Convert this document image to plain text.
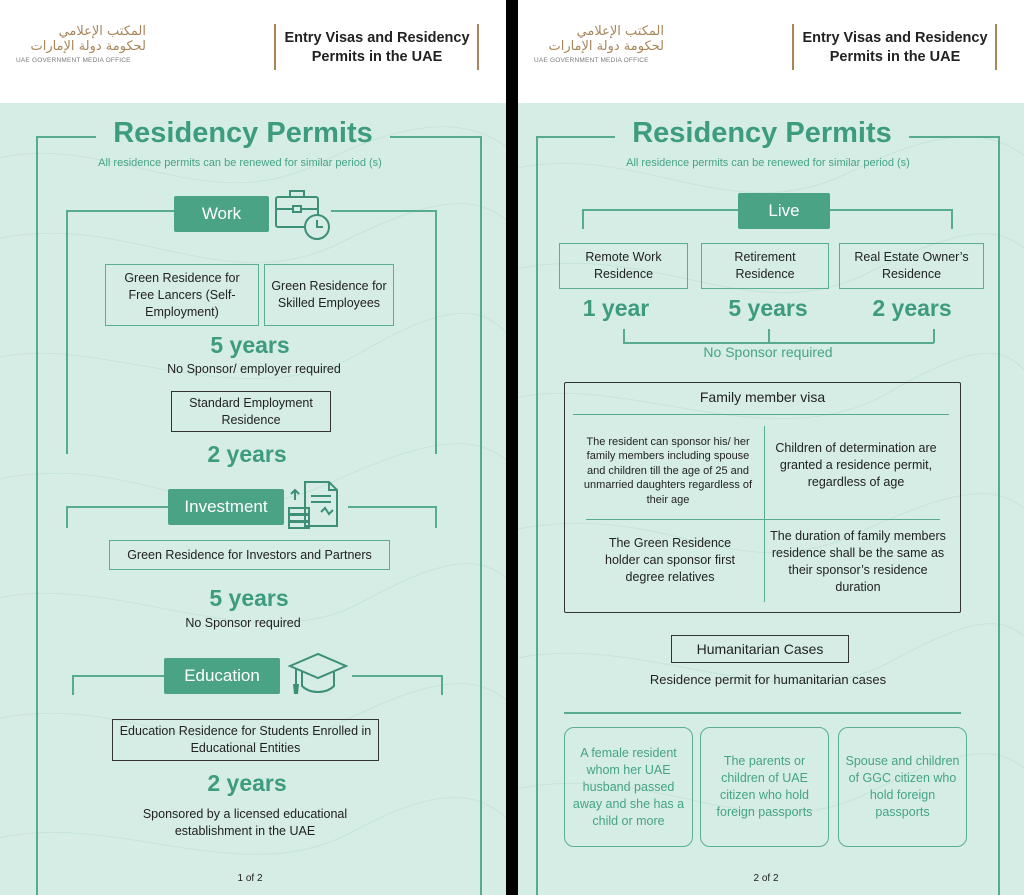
المكتب الإعلامي
لحكومة دولة الإمارات
UAE GOVERNMENT MEDIA OFFICE
Entry Visas and Residency Permits in the UAE
Residency Permits
All residence permits can be renewed for similar period (s)
Work
Green Residence for Free Lancers (Self-Employment)
Green Residence for Skilled Employees
5 years
No Sponsor/ employer required
Standard Employment Residence
2 years
Investment
Green Residence for Investors and Partners
5 years
No Sponsor required
Education
Education Residence for Students Enrolled in Educational Entities
2 years
Sponsored by a licensed educational establishment in the UAE
1 of 2
المكتب الإعلامي
لحكومة دولة الإمارات
UAE GOVERNMENT MEDIA OFFICE
Entry Visas and Residency Permits in the UAE
Residency Permits
All residence permits can be renewed for similar period (s)
Live
Remote Work Residence
Retirement Residence
Real Estate Owner’s Residence
1 year	5 years	2 years
No Sponsor required
Family member visa
The resident can sponsor his/ her family members including spouse and children till the age of 25 and unmarried daughters regardless of their age
Children of determination are granted a residence permit, regardless of age
The Green Residence holder can sponsor first degree relatives
The duration of family members residence shall be the same as their sponsor’s residence duration
Humanitarian Cases
Residence permit for humanitarian cases
A female resident whom her UAE husband passed away and she has a child or more
The parents or children of UAE citizen who hold foreign passports
Spouse and children of GGC citizen who hold foreign passports
2 of 2
